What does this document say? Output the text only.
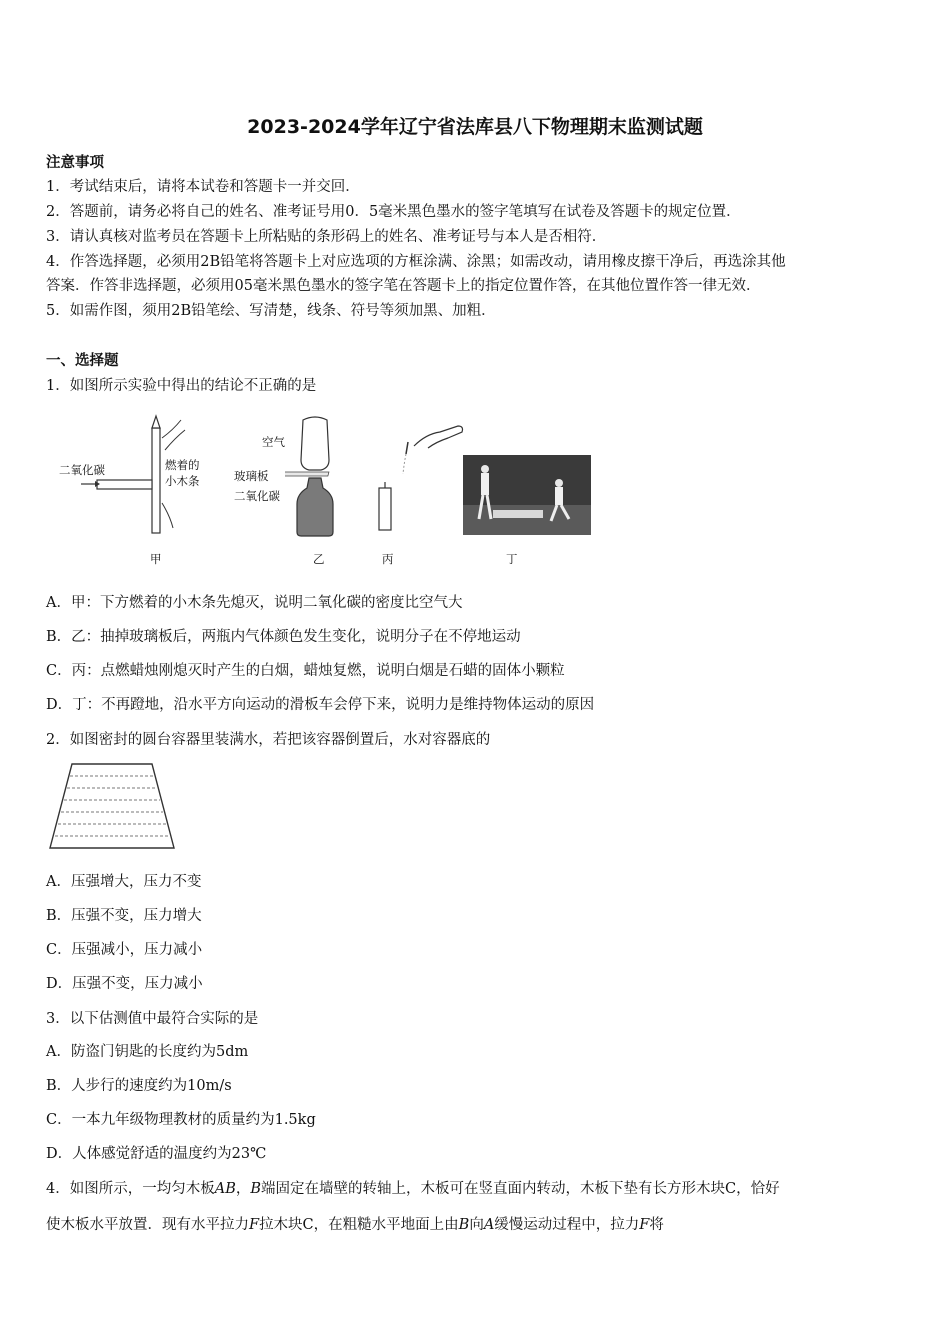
2023-2024学年辽宁省法库县八下物理期末监测试题
注意事项
1．考试结束后，请将本试卷和答题卡一并交回．
2．答题前，请务必将自己的姓名、准考证号用0．5毫米黑色墨水的签字笔填写在试卷及答题卡的规定位置．
3．请认真核对监考员在答题卡上所粘贴的条形码上的姓名、准考证号与本人是否相符．
4．作答选择题，必须用2B铅笔将答题卡上对应选项的方框涂满、涂黑；如需改动，请用橡皮擦干净后，再选涂其他
答案．作答非选择题，必须用05毫米黑色墨水的签字笔在答题卡上的指定位置作答，在其他位置作答一律无效．
5．如需作图，须用2B铅笔绘、写清楚，线条、符号等须加黑、加粗．
一、选择题
1．如图所示实验中得出的结论不正确的是
二氧化碳	燃着的
小木条
甲
空气
玻璃板
二氧化碳
乙	丙	丁
A．甲：下方燃着的小木条先熄灭，说明二氧化碳的密度比空气大
B．乙：抽掉玻璃板后，两瓶内气体颜色发生变化，说明分子在不停地运动
C．丙：点燃蜡烛刚熄灭时产生的白烟，蜡烛复燃，说明白烟是石蜡的固体小颗粒
D．丁：不再蹬地，沿水平方向运动的滑板车会停下来，说明力是维持物体运动的原因
2．如图密封的圆台容器里装满水，若把该容器倒置后，水对容器底的
A．压强增大，压力不变
B．压强不变，压力增大
C．压强减小，压力减小
D．压强不变，压力减小
3．以下估测值中最符合实际的是
A．防盗门钥匙的长度约为5dm
B．人步行的速度约为10m/s
C．一本九年级物理教材的质量约为1.5kg
D．人体感觉舒适的温度约为23℃
4．如图所示，一均匀木板AB，B端固定在墙壁的转轴上，木板可在竖直面内转动，木板下垫有长方形木块C，恰好
使木板水平放置．现有水平拉力F拉木块C，在粗糙水平地面上由B向A缓慢运动过程中，拉力F将
